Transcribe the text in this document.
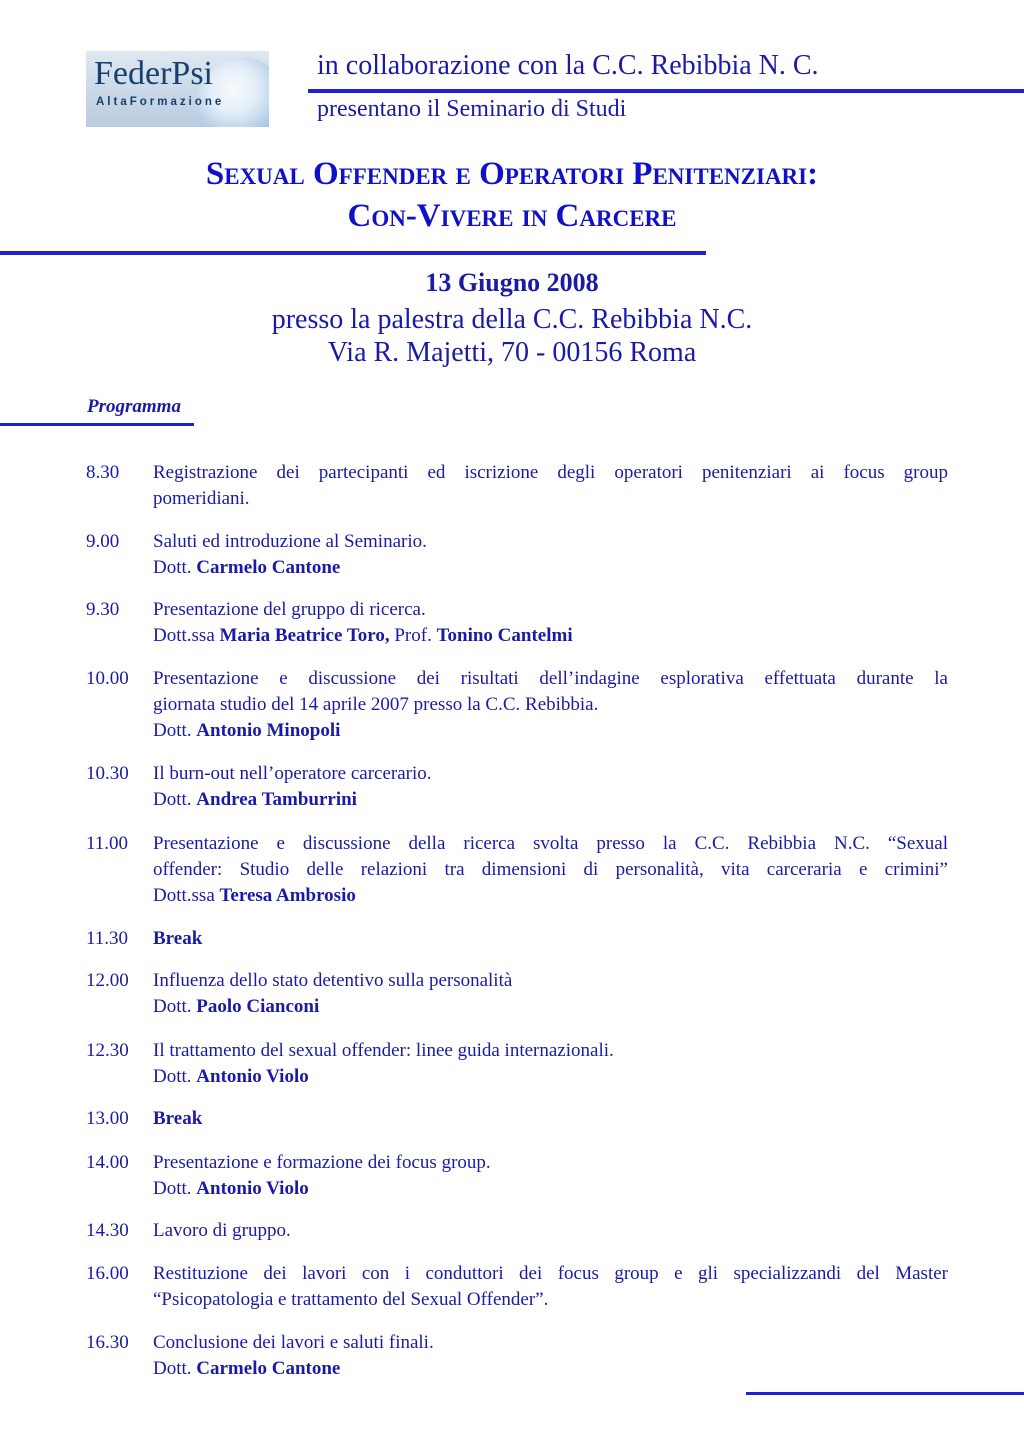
FederPsi
AltaFormazione
in collaborazione con la C.C. Rebibbia N. C.
presentano il Seminario di Studi
Sexual Offender e Operatori Penitenziari:
Con-Vivere in Carcere
13 Giugno 2008
presso la palestra della C.C. Rebibbia N.C.
Via R. Majetti, 70 - 00156 Roma
Programma
8.30	Registrazione dei partecipanti ed iscrizione degli operatori penitenziari ai focus group
pomeridiani.
9.00	Saluti ed introduzione al Seminario.
Dott. Carmelo Cantone
9.30	Presentazione del gruppo di ricerca.
Dott.ssa Maria Beatrice Toro, Prof. Tonino Cantelmi
10.00	Presentazione e discussione dei risultati dell’indagine esplorativa effettuata durante la
giornata studio del 14 aprile 2007 presso la C.C. Rebibbia.
Dott. Antonio Minopoli
10.30	Il burn-out nell’operatore carcerario.
Dott. Andrea Tamburrini
11.00	Presentazione e discussione della ricerca svolta presso la C.C. Rebibbia N.C. “Sexual
offender: Studio delle relazioni tra dimensioni di personalità, vita carceraria e crimini”
Dott.ssa Teresa Ambrosio
11.30	Break
12.00	Influenza dello stato detentivo sulla personalità
Dott. Paolo Cianconi
12.30	Il trattamento del sexual offender: linee guida internazionali.
Dott. Antonio Violo
13.00	Break
14.00	Presentazione e formazione dei focus group.
Dott. Antonio Violo
14.30	Lavoro di gruppo.
16.00	Restituzione dei lavori con i conduttori dei focus group e gli specializzandi del Master
“Psicopatologia e trattamento del Sexual Offender”.
16.30	Conclusione dei lavori e saluti finali.
Dott. Carmelo Cantone
